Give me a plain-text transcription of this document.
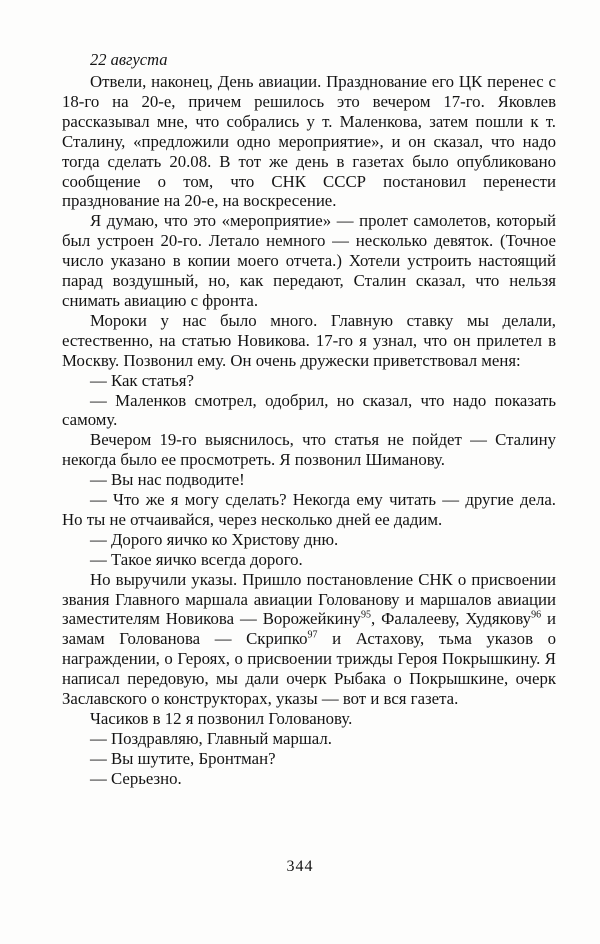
22 августа

Отвели, наконец, День авиации. Празднование его ЦК перенес с 18-го на 20-е, причем решилось это вечером 17-го. Яковлев рассказывал мне, что собрались у т. Маленкова, затем пошли к т. Сталину, «предложили одно мероприятие», и он сказал, что надо тогда сделать 20.08. В тот же день в газетах было опубликовано сообщение о том, что СНК СССР постановил перенести празднование на 20-е, на воскресение.

Я думаю, что это «мероприятие» — пролет самолетов, который был устроен 20-го. Летало немного — несколько девяток. (Точное число указано в копии моего отчета.) Хотели устроить настоящий парад воздушный, но, как передают, Сталин сказал, что нельзя снимать авиацию с фронта.

Мороки у нас было много. Главную ставку мы делали, естественно, на статью Новикова. 17-го я узнал, что он прилетел в Москву. Позвонил ему. Он очень дружески приветствовал меня:

— Как статья?

— Маленков смотрел, одобрил, но сказал, что надо показать самому.

Вечером 19-го выяснилось, что статья не пойдет — Сталину некогда было ее просмотреть. Я позвонил Шиманову.

— Вы нас подводите!

— Что же я могу сделать? Некогда ему читать — другие дела. Но ты не отчаивайся, через несколько дней ее дадим.

— Дорого яичко ко Христову дню.

— Такое яичко всегда дорого.

Но выручили указы. Пришло постановление СНК о присвоении звания Главного маршала авиации Голованову и маршалов авиации заместителям Новикова — Ворожейкину$^{95}$, Фалалееву, Худякову$^{96}$ и замам Голованова — Скрипко$^{97}$ и Астахову, тьма указов о награждении, о Героях, о присвоении трижды Героя Покрышкину. Я написал передовую, мы дали очерк Рыбака о Покрышкине, очерк Заславского о конструкторах, указы — вот и вся газета.

Часиков в 12 я позвонил Голованову.

— Поздравляю, Главный маршал.

— Вы шутите, Бронтман?

— Серьезно.

344
